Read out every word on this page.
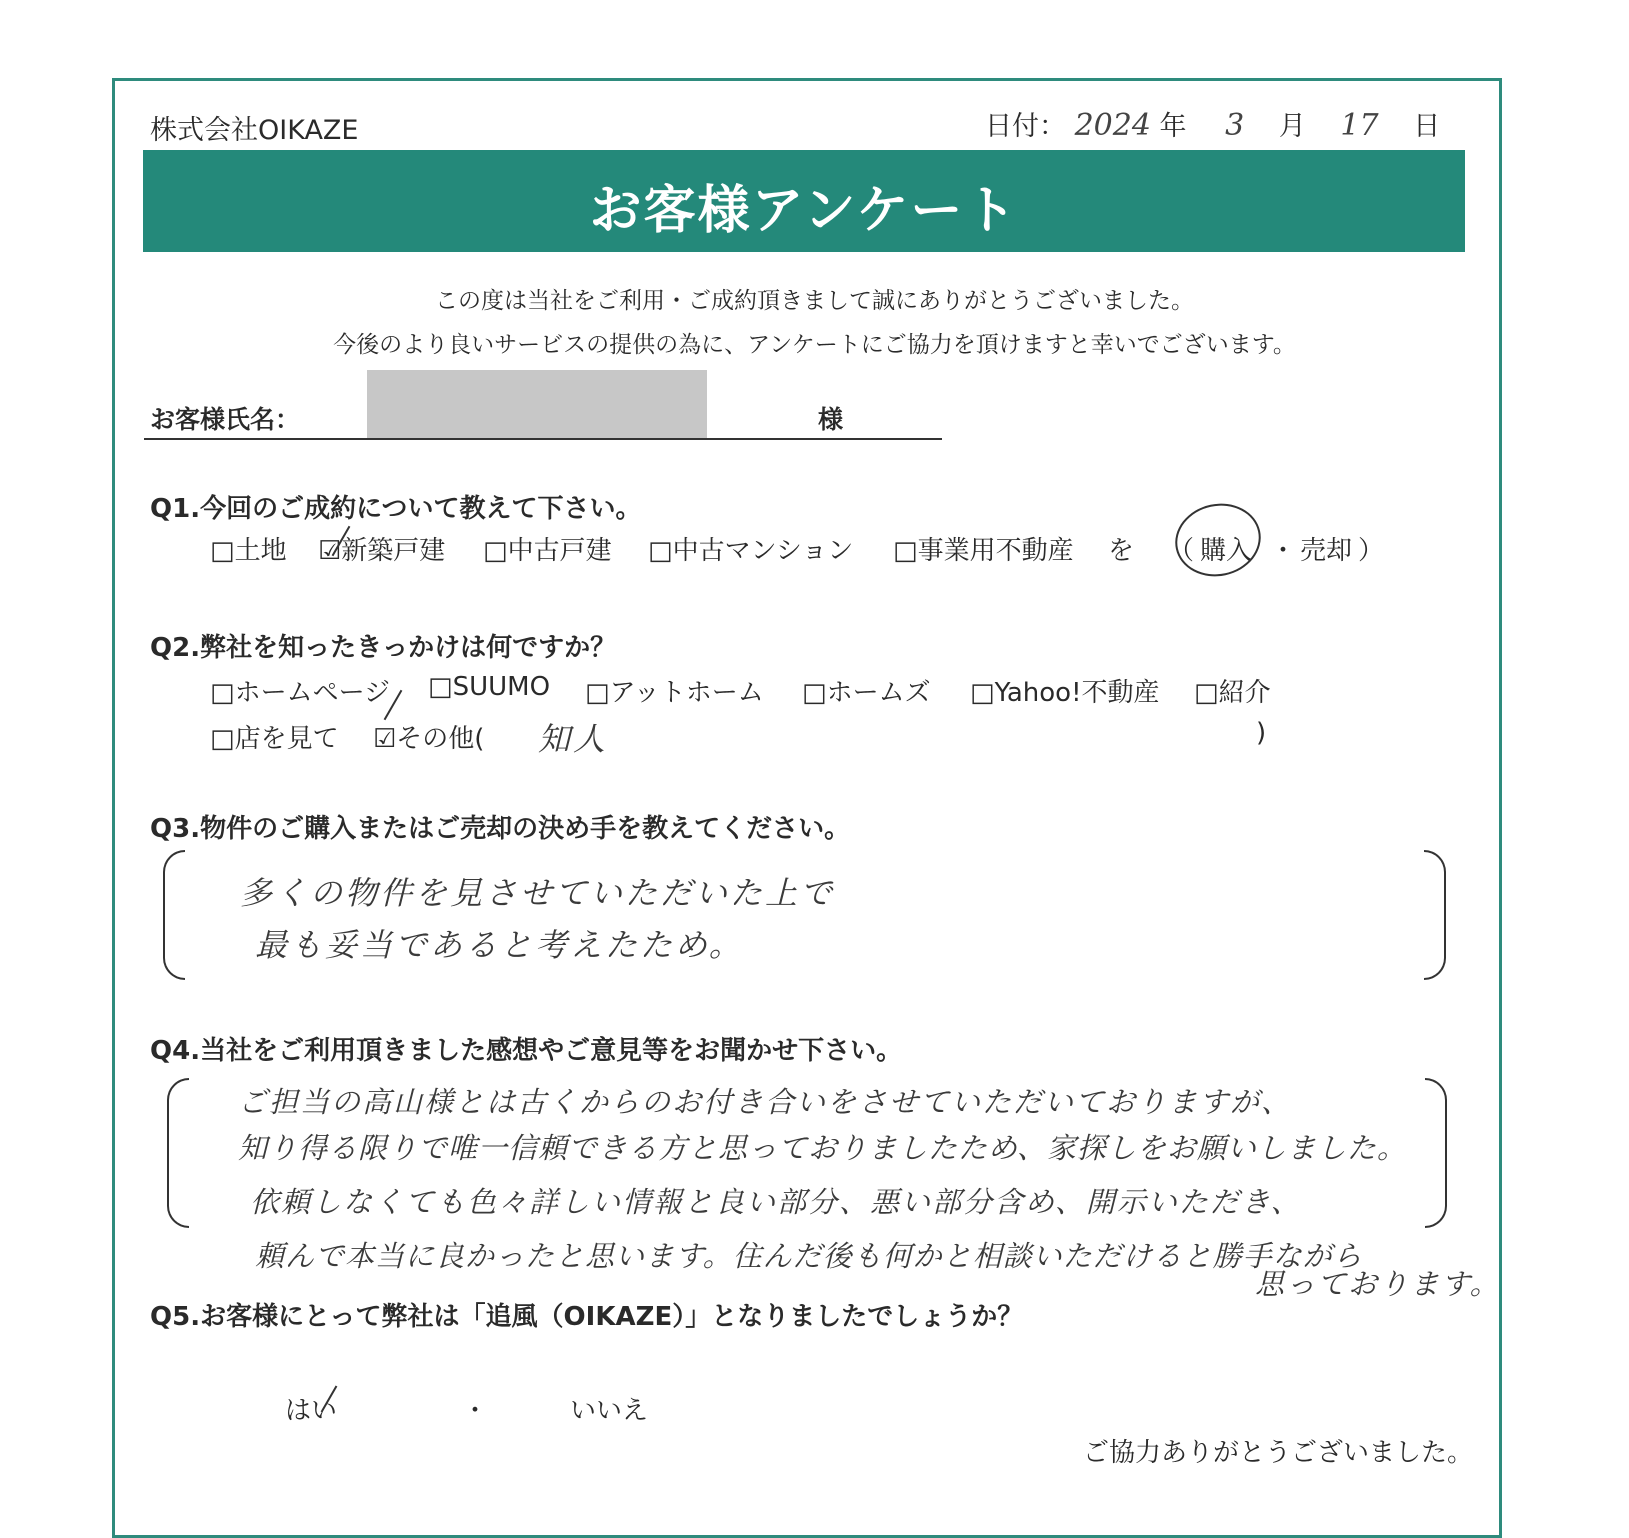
株式会社OIKAZE	日付： 2024 年 3 月 17 日
お客様アンケート
この度は当社をご利用・ご成約頂きまして誠にありがとうございました。
今後のより良いサービスの提供の為に、アンケートにご協力を頂けますと幸いでございます。
お客様氏名：	様
Q1.今回のご成約について教えて下さい。
□土地 ☑新築戸建 □中古戸建 □中古マンション □事業用不動産 を （ 購入 ・ 売却 ）
Q2.弊社を知ったきっかけは何ですか？
□ホームページ □SUUMO □アットホーム □ホームズ □Yahoo!不動産 □紹介
□店を見て ☑その他( 知人	)
Q3.物件のご購入またはご売却の決め手を教えてください。
多くの物件を見させていただいた上で
最も妥当であると考えたため。
Q4.当社をご利用頂きました感想やご意見等をお聞かせ下さい。
ご担当の高山様とは古くからのお付き合いをさせていただいておりますが、
知り得る限りで唯一信頼できる方と思っておりましたため、家探しをお願いしました。
依頼しなくても色々詳しい情報と良い部分、悪い部分含め、開示いただき、
頼んで本当に良かったと思います。住んだ後も何かと相談いただけると勝手ながら
思っております。
Q5.お客様にとって弊社は「追風（OIKAZE）」となりましたでしょうか？
はい	・	いいえ
ご協力ありがとうございました。
